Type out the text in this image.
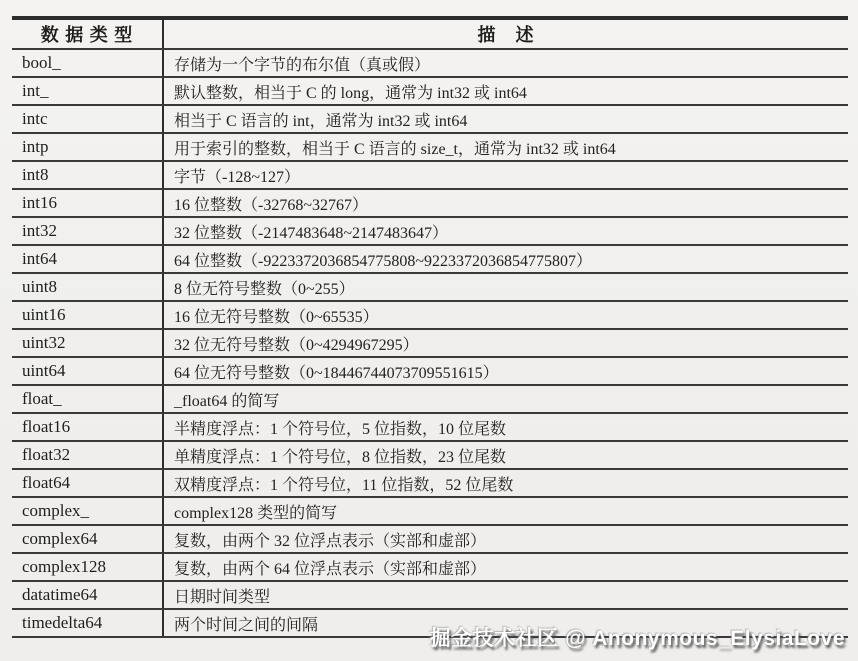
数 据 类 型	描　述
bool_	存储为一个字节的布尔值（真或假）
int_	默认整数，相当于 C 的 long，通常为 int32 或 int64
intc	相当于 C 语言的 int，通常为 int32 或 int64
intp	用于索引的整数，相当于 C 语言的 size_t，通常为 int32 或 int64
int8	字节（-128~127）
int16	16 位整数（-32768~32767）
int32	32 位整数（-2147483648~2147483647）
int64	64 位整数（-9223372036854775808~9223372036854775807）
uint8	8 位无符号整数（0~255）
uint16	16 位无符号整数（0~65535）
uint32	32 位无符号整数（0~4294967295）
uint64	64 位无符号整数（0~18446744073709551615）
float_	_float64 的简写
float16	半精度浮点：1 个符号位，5 位指数，10 位尾数
float32	单精度浮点：1 个符号位，8 位指数，23 位尾数
float64	双精度浮点：1 个符号位，11 位指数，52 位尾数
complex_	complex128 类型的简写
complex64	复数，由两个 32 位浮点表示（实部和虚部）
complex128	复数，由两个 64 位浮点表示（实部和虚部）
datatime64	日期时间类型
timedelta64	两个时间之间的间隔
掘金技术社区 @ Anonymous_ElysiaLove
